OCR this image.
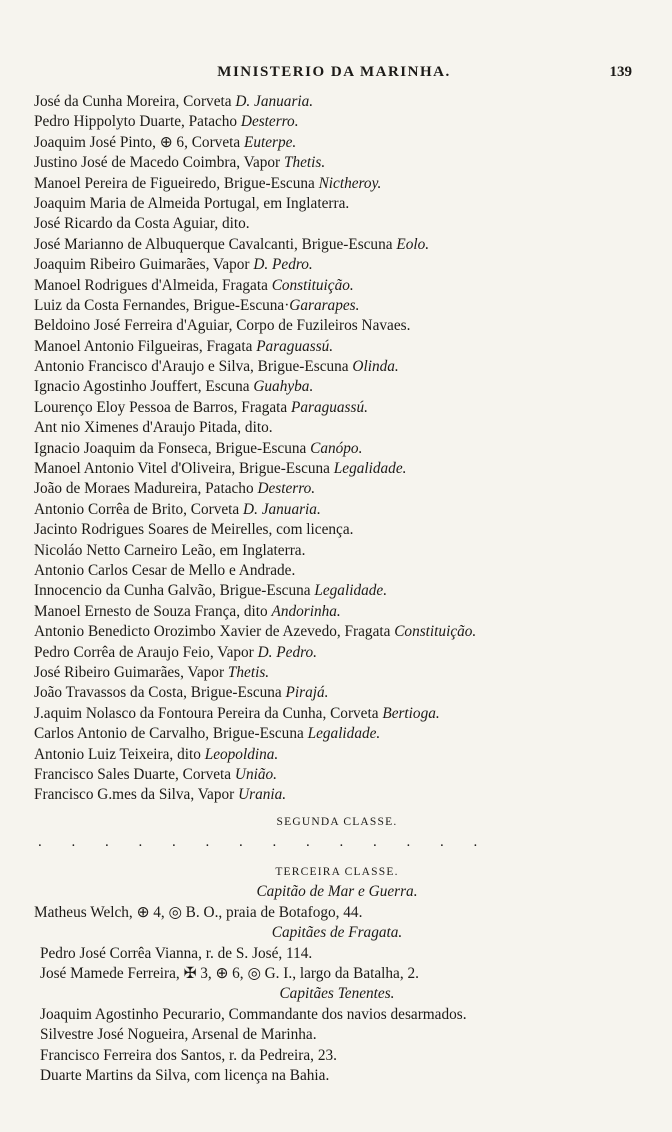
MINISTERIO DA MARINHA.	139
José da Cunha Moreira, Corveta D. Januaria.
Pedro Hippolyto Duarte, Patacho Desterro.
Joaquim José Pinto, ⊕ 6, Corveta Euterpe.
Justino José de Macedo Coimbra, Vapor Thetis.
Manoel Pereira de Figueiredo, Brigue-Escuna Nictheroy.
Joaquim Maria de Almeida Portugal, em Inglaterra.
José Ricardo da Costa Aguiar, dito.
José Marianno de Albuquerque Cavalcanti, Brigue-Escuna Eolo.
Joaquim Ribeiro Guimarães, Vapor D. Pedro.
Manoel Rodrigues d'Almeida, Fragata Constituição.
Luiz da Costa Fernandes, Brigue-Escuna·Gararapes.
Beldoino José Ferreira d'Aguiar, Corpo de Fuzileiros Navaes.
Manoel Antonio Filgueiras, Fragata Paraguassú.
Antonio Francisco d'Araujo e Silva, Brigue-Escuna Olinda.
Ignacio Agostinho Jouffert, Escuna Guahyba.
Lourenço Eloy Pessoa de Barros, Fragata Paraguassú.
Ant nio Ximenes d'Araujo Pitada, dito.
Ignacio Joaquim da Fonseca, Brigue-Escuna Canópo.
Manoel Antonio Vitel d'Oliveira, Brigue-Escuna Legalidade.
João de Moraes Madureira, Patacho Desterro.
Antonio Corrêa de Brito, Corveta D. Januaria.
Jacinto Rodrigues Soares de Meirelles, com licença.
Nicoláo Netto Carneiro Leão, em Inglaterra.
Antonio Carlos Cesar de Mello e Andrade.
Innocencio da Cunha Galvão, Brigue-Escuna Legalidade.
Manoel Ernesto de Souza França, dito Andorinha.
Antonio Benedicto Orozimbo Xavier de Azevedo, Fragata Constituição.
Pedro Corrêa de Araujo Feio, Vapor D. Pedro.
José Ribeiro Guimarães, Vapor Thetis.
João Travassos da Costa, Brigue-Escuna Pirajá.
J.aquim Nolasco da Fontoura Pereira da Cunha, Corveta Bertioga.
Carlos Antonio de Carvalho, Brigue-Escuna Legalidade.
Antonio Luiz Teixeira, dito Leopoldina.
Francisco Sales Duarte, Corveta União.
Francisco G.mes da Silva, Vapor Urania.
SEGUNDA CLASSE.
. . . . . . . . . . . . . .
TERCEIRA CLASSE.
Capitão de Mar e Guerra.
Matheus Welch, ⊕ 4, ◎ B. O., praia de Botafogo, 44.
Capitães de Fragata.
Pedro José Corrêa Vianna, r. de S. José, 114.
José Mamede Ferreira, ✠ 3, ⊕ 6, ◎ G. I., largo da Batalha, 2.
Capitães Tenentes.
Joaquim Agostinho Pecurario, Commandante dos navios desarmados.
Silvestre José Nogueira, Arsenal de Marinha.
Francisco Ferreira dos Santos, r. da Pedreira, 23.
Duarte Martins da Silva, com licença na Bahia.
